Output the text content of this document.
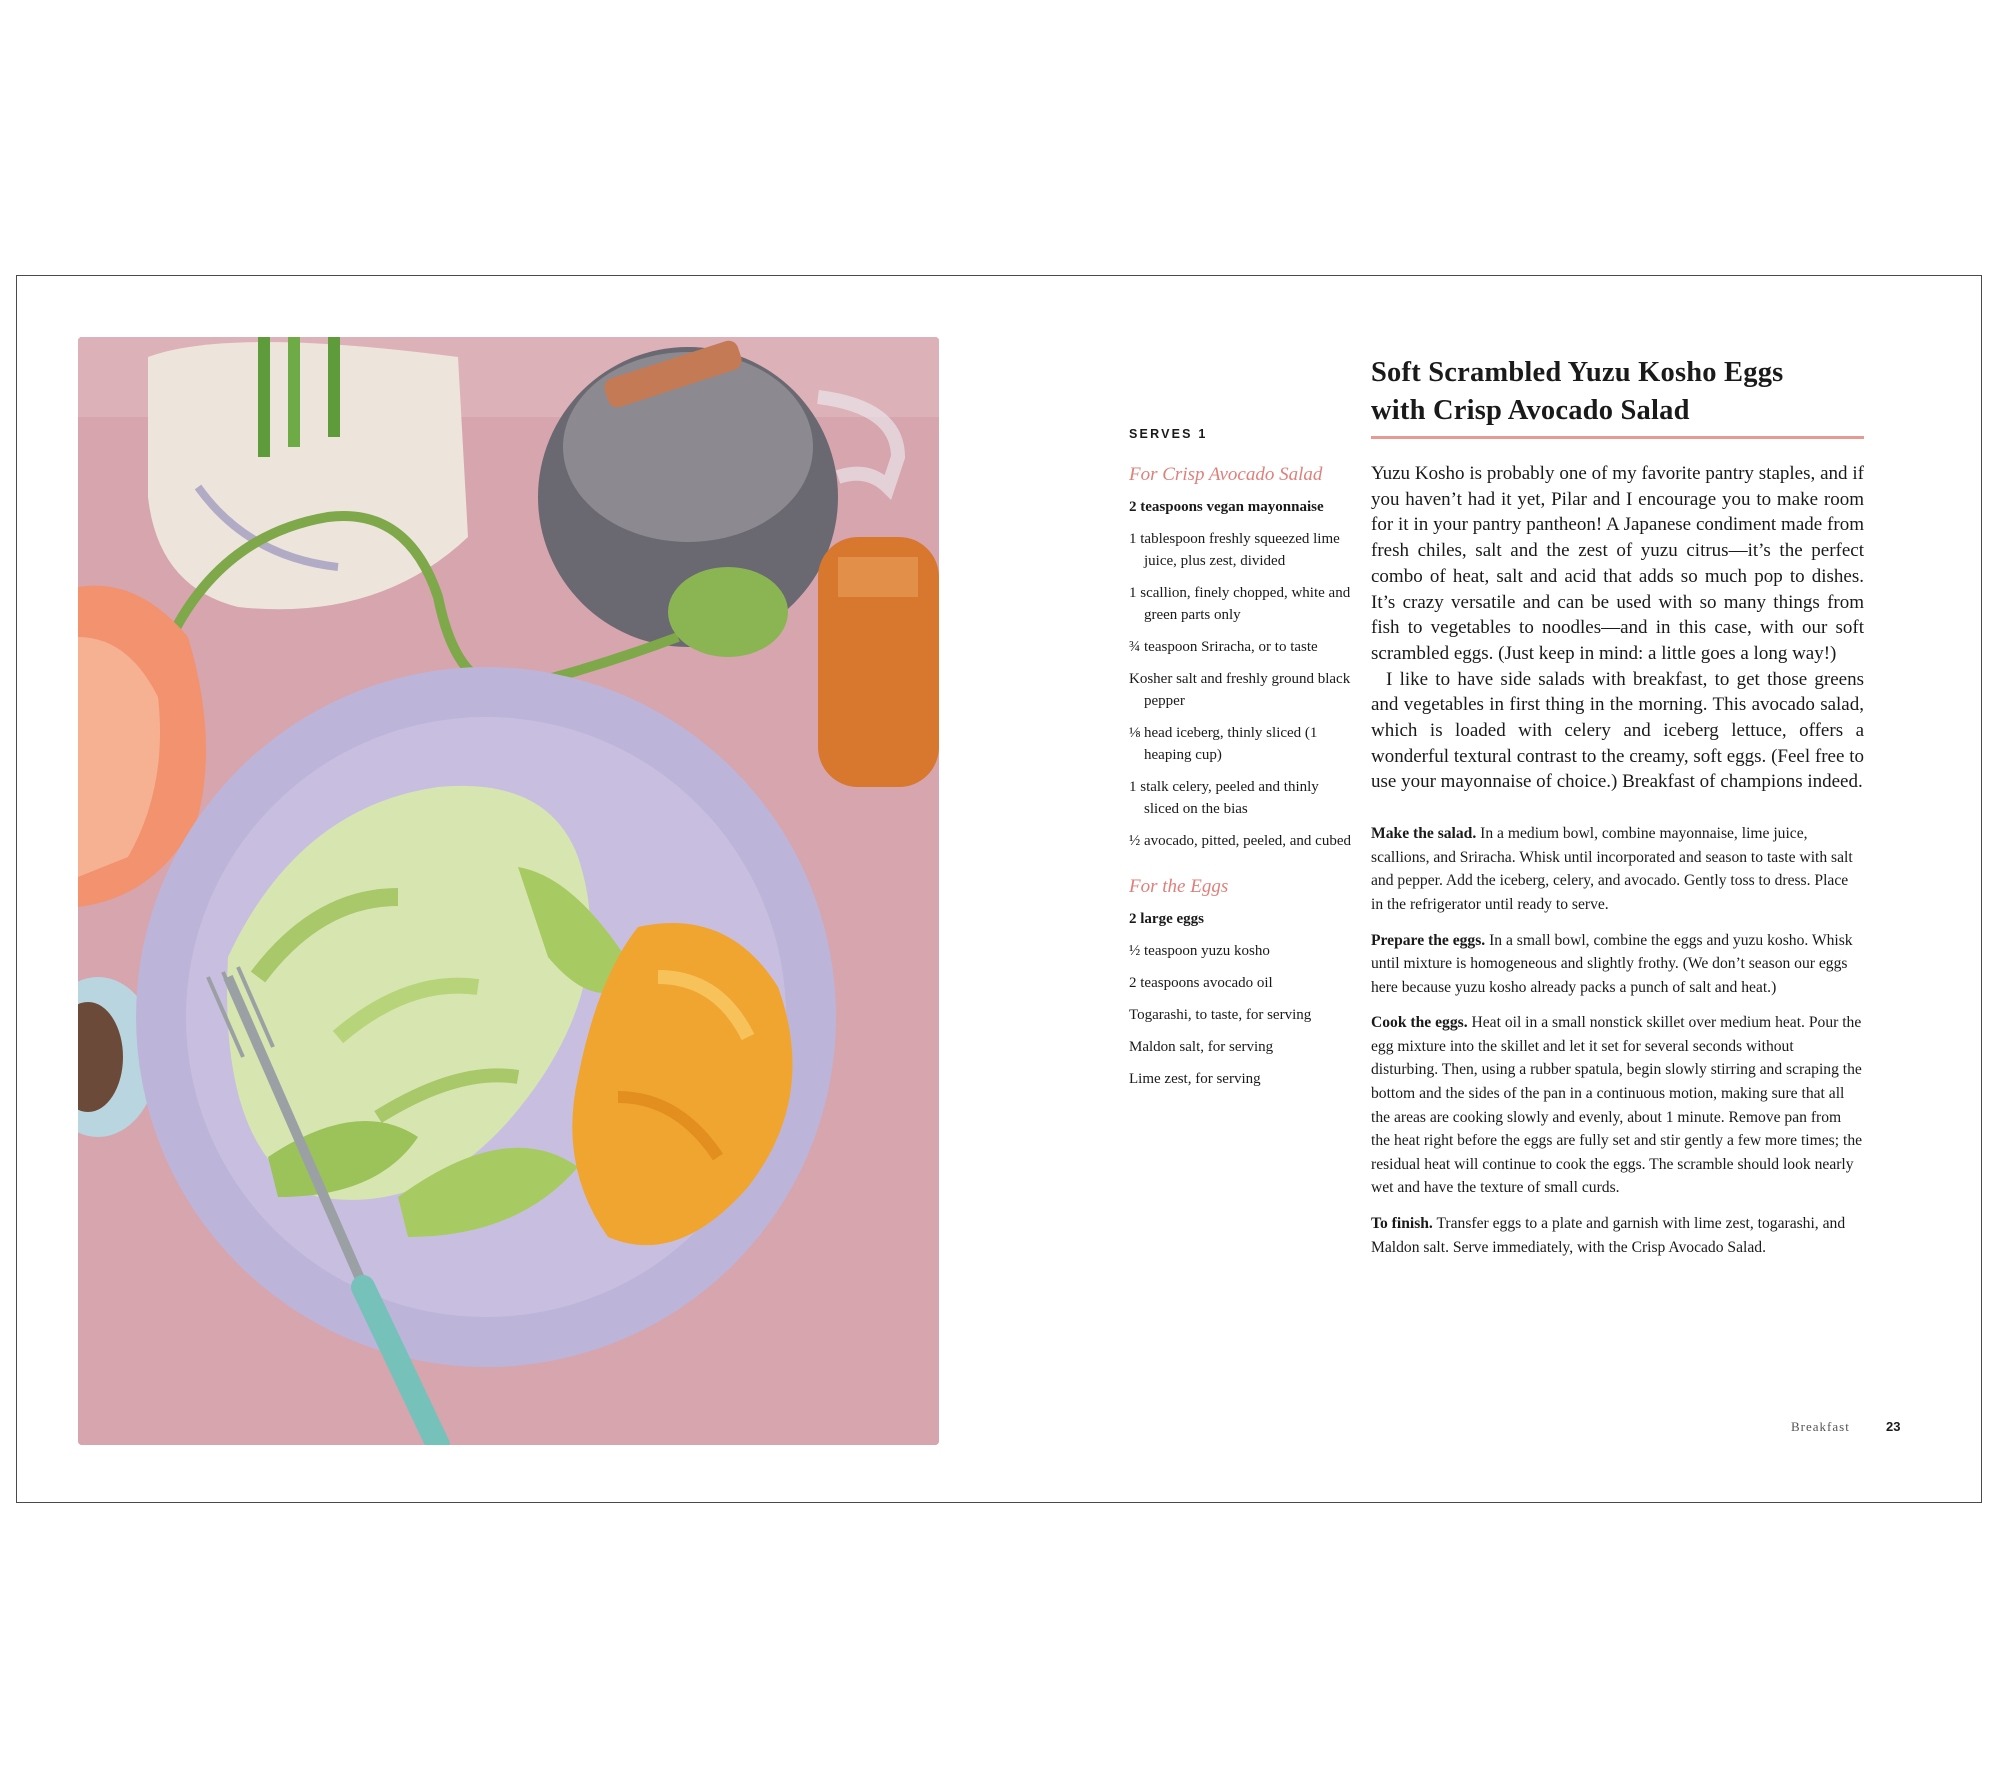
SERVES 1

For Crisp Avocado Salad

2 teaspoons vegan mayonnaise

1 tablespoon freshly squeezed lime juice, plus zest, divided

1 scallion, finely chopped, white and green parts only

¾ teaspoon Sriracha, or to taste

Kosher salt and freshly ground black pepper

⅛ head iceberg, thinly sliced (1 heaping cup)

1 stalk celery, peeled and thinly sliced on the bias

½ avocado, pitted, peeled, and cubed

For the Eggs

2 large eggs

½ teaspoon yuzu kosho

2 teaspoons avocado oil

Togarashi, to taste, for serving

Maldon salt, for serving

Lime zest, for serving

Soft Scrambled Yuzu Kosho Eggs
with Crisp Avocado Salad

Yuzu Kosho is probably one of my favorite pantry staples, and if you haven’t had it yet, Pilar and I encourage you to make room for it in your pantry pantheon! A Japanese condiment made from fresh chiles, salt and the zest of yuzu citrus—it’s the perfect combo of heat, salt and acid that adds so much pop to dishes. It’s crazy versatile and can be used with so many things from fish to vegetables to noodles—and in this case, with our soft scrambled eggs. (Just keep in mind: a little goes a long way!)

I like to have side salads with breakfast, to get those greens and vegetables in first thing in the morning. This avocado salad, which is loaded with celery and iceberg lettuce, offers a wonderful textural contrast to the creamy, soft eggs. (Feel free to use your mayonnaise of choice.) Breakfast of champions indeed.

Make the salad. In a medium bowl, combine mayonnaise, lime juice, scallions, and Sriracha. Whisk until incorporated and season to taste with salt and pepper. Add the iceberg, celery, and avocado. Gently toss to dress. Place in the refrigerator until ready to serve.

Prepare the eggs. In a small bowl, combine the eggs and yuzu kosho. Whisk until mixture is homogeneous and slightly frothy. (We don’t season our eggs here because yuzu kosho already packs a punch of salt and heat.)

Cook the eggs. Heat oil in a small nonstick skillet over medium heat. Pour the egg mixture into the skillet and let it set for several seconds without disturbing. Then, using a rubber spatula, begin slowly stirring and scraping the bottom and the sides of the pan in a continuous motion, making sure that all the areas are cooking slowly and evenly, about 1 minute. Remove pan from the heat right before the eggs are fully set and stir gently a few more times; the residual heat will continue to cook the eggs. The scramble should look nearly wet and have the texture of small curds.

To finish. Transfer eggs to a plate and garnish with lime zest, togarashi, and Maldon salt. Serve immediately, with the Crisp Avocado Salad.

Breakfast	23
